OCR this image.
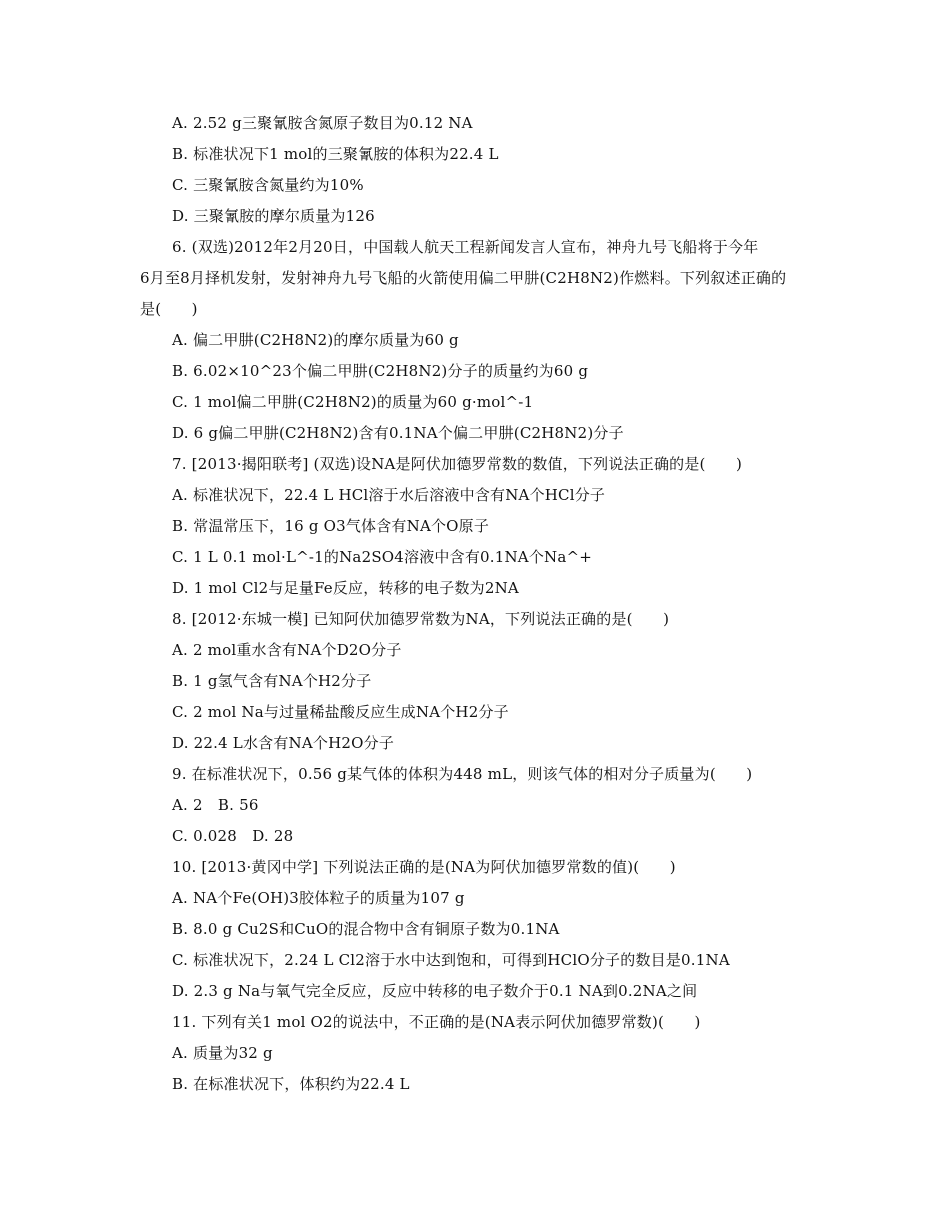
A. 2.52 g三聚氰胺含氮原子数目为0.12 NA
B. 标准状况下1 mol的三聚氰胺的体积为22.4 L
C. 三聚氰胺含氮量约为10%
D. 三聚氰胺的摩尔质量为126
6. (双选)2012年2月20日，中国载人航天工程新闻发言人宣布，神舟九号飞船将于今年
6月至8月择机发射，发射神舟九号飞船的火箭使用偏二甲肼(C2H8N2)作燃料。下列叙述正确的
是(　　)
A. 偏二甲肼(C2H8N2)的摩尔质量为60 g
B. 6.02×10^23个偏二甲肼(C2H8N2)分子的质量约为60 g
C. 1 mol偏二甲肼(C2H8N2)的质量为60 g·mol^-1
D. 6 g偏二甲肼(C2H8N2)含有0.1NA个偏二甲肼(C2H8N2)分子
7. [2013·揭阳联考] (双选)设NA是阿伏加德罗常数的数值，下列说法正确的是(　　)
A. 标准状况下，22.4 L HCl溶于水后溶液中含有NA个HCl分子
B. 常温常压下，16 g O3气体含有NA个O原子
C. 1 L 0.1 mol·L^-1的Na2SO4溶液中含有0.1NA个Na^+
D. 1 mol Cl2与足量Fe反应，转移的电子数为2NA
8. [2012·东城一模] 已知阿伏加德罗常数为NA，下列说法正确的是(　　)
A. 2 mol重水含有NA个D2O分子
B. 1 g氢气含有NA个H2分子
C. 2 mol Na与过量稀盐酸反应生成NA个H2分子
D. 22.4 L水含有NA个H2O分子
9. 在标准状况下，0.56 g某气体的体积为448 mL，则该气体的相对分子质量为(　　)
A. 2　B. 56
C. 0.028　D. 28
10. [2013·黄冈中学] 下列说法正确的是(NA为阿伏加德罗常数的值)(　　)
A. NA个Fe(OH)3胶体粒子的质量为107 g
B. 8.0 g Cu2S和CuO的混合物中含有铜原子数为0.1NA
C. 标准状况下，2.24 L Cl2溶于水中达到饱和，可得到HClO分子的数目是0.1NA
D. 2.3 g Na与氧气完全反应，反应中转移的电子数介于0.1 NA到0.2NA之间
11. 下列有关1 mol O2的说法中，不正确的是(NA表示阿伏加德罗常数)(　　)
A. 质量为32 g
B. 在标准状况下，体积约为22.4 L
